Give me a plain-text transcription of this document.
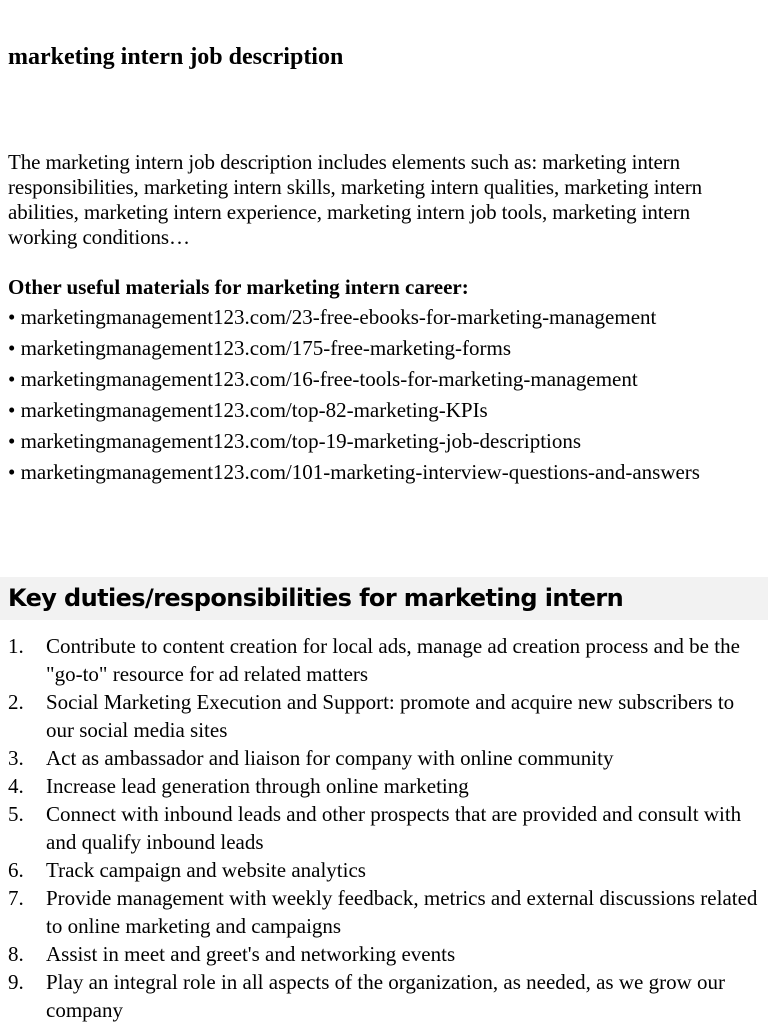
marketing intern job description

The marketing intern job description includes elements such as: marketing intern responsibilities, marketing intern skills, marketing intern qualities, marketing intern abilities, marketing intern experience, marketing intern job tools, marketing intern working conditions…

Other useful materials for marketing intern career:

• marketingmanagement123.com/23-free-ebooks-for-marketing-management
• marketingmanagement123.com/175-free-marketing-forms
• marketingmanagement123.com/16-free-tools-for-marketing-management
• marketingmanagement123.com/top-82-marketing-KPIs
• marketingmanagement123.com/top-19-marketing-job-descriptions
• marketingmanagement123.com/101-marketing-interview-questions-and-answers
Key duties/responsibilities for marketing intern
1. Contribute to content creation for local ads, manage ad creation process and be the "go-to" resource for ad related matters
2. Social Marketing Execution and Support: promote and acquire new subscribers to our social media sites
3. Act as ambassador and liaison for company with online community
4. Increase lead generation through online marketing
5. Connect with inbound leads and other prospects that are provided and consult with and qualify inbound leads
6. Track campaign and website analytics
7. Provide management with weekly feedback, metrics and external discussions related to online marketing and campaigns
8. Assist in meet and greet's and networking events
9. Play an integral role in all aspects of the organization, as needed, as we grow our company
